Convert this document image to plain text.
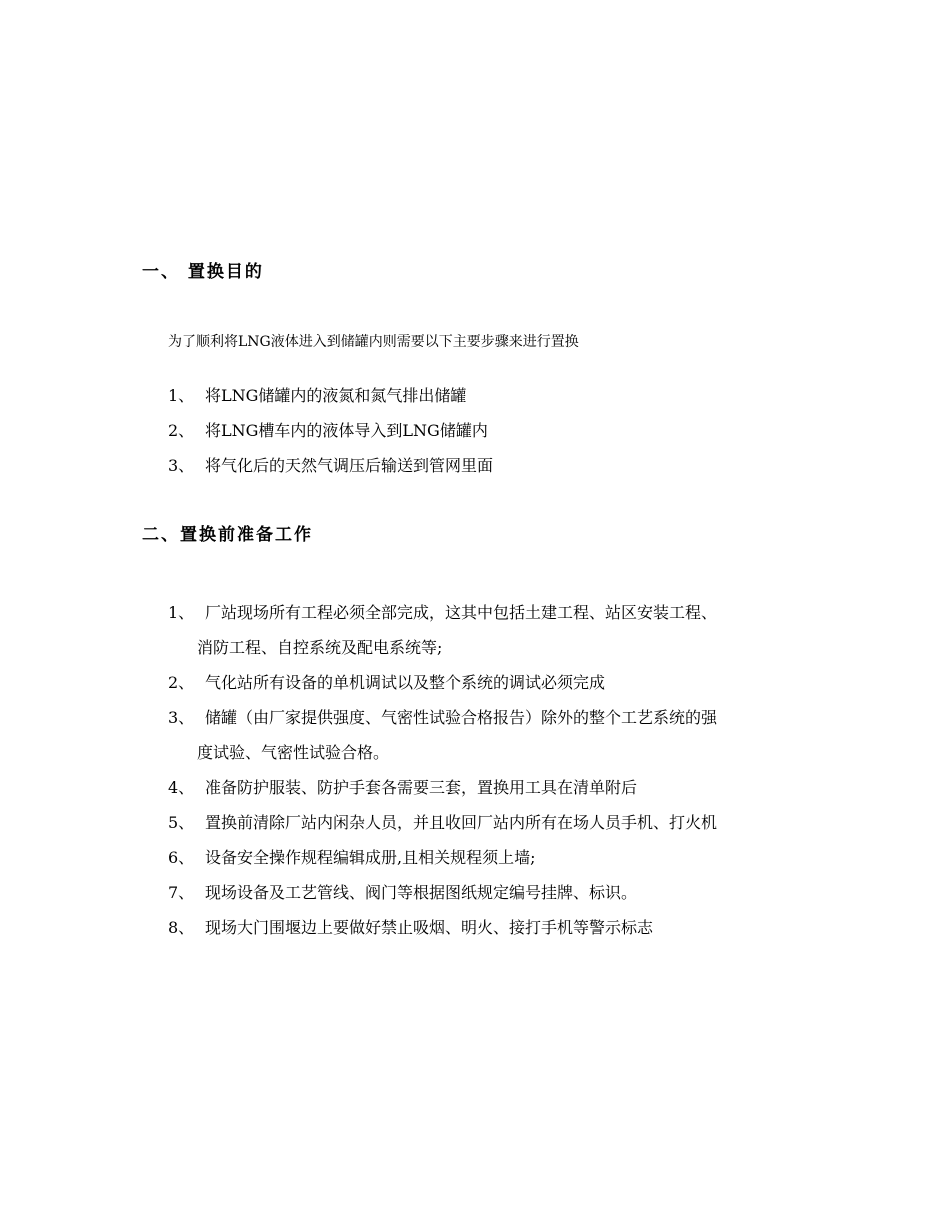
一、 置换目的
为了顺利将LNG液体进入到储罐内则需要以下主要步骤来进行置换
1、 将LNG储罐内的液氮和氮气排出储罐
2、 将LNG槽车内的液体导入到LNG储罐内
3、 将气化后的天然气调压后输送到管网里面
二、置换前准备工作
1、 厂站现场所有工程必须全部完成，这其中包括土建工程、站区安装工程、
消防工程、自控系统及配电系统等;
2、 气化站所有设备的单机调试以及整个系统的调试必须完成
3、 储罐（由厂家提供强度、气密性试验合格报告）除外的整个工艺系统的强
度试验、气密性试验合格。
4、 准备防护服装、防护手套各需要三套，置换用工具在清单附后
5、 置换前清除厂站内闲杂人员，并且收回厂站内所有在场人员手机、打火机
6、 设备安全操作规程编辑成册,且相关规程须上墙;
7、 现场设备及工艺管线、阀门等根据图纸规定编号挂牌、标识。
8、 现场大门围堰边上要做好禁止吸烟、明火、接打手机等警示标志
